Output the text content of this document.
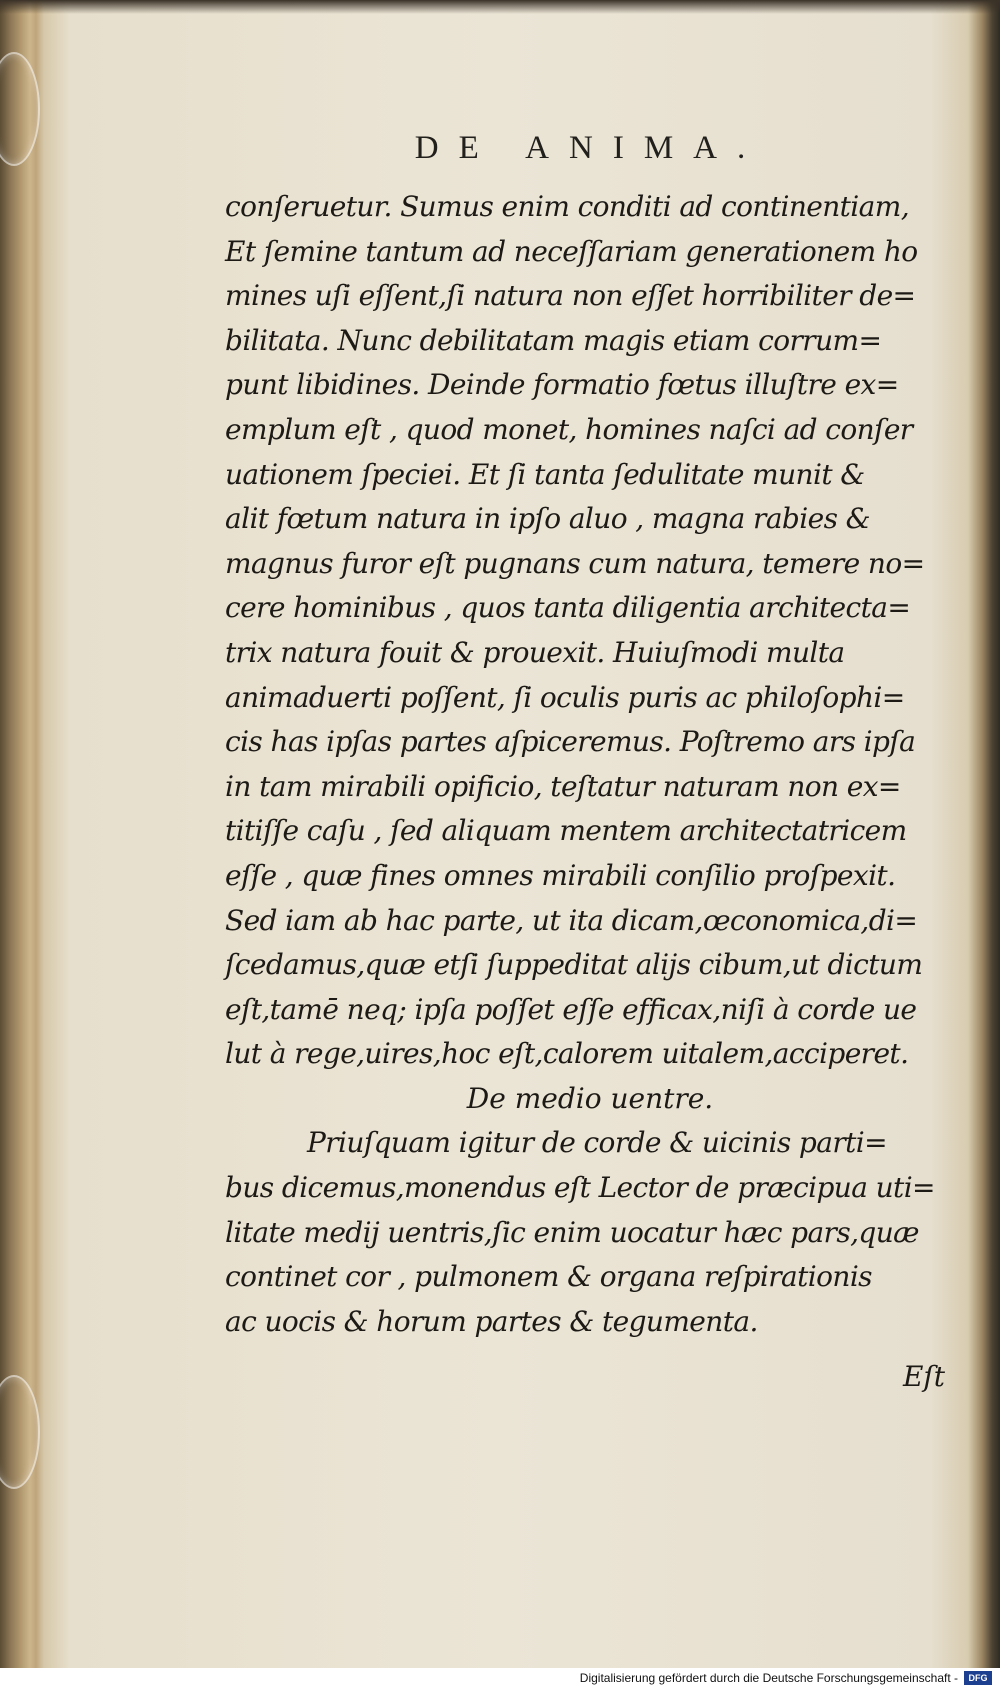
DE ANIMA.
conſeruetur. Sumus enim conditi ad continentiam,
Et ſemine tantum ad neceſſariam generationem ho
mines uſi eſſent,ſi natura non eſſet horribiliter de=
bilitata. Nunc debilitatam magis etiam corrum=
punt libidines. Deinde formatio fœtus illuſtre ex=
emplum eſt , quod monet, homines naſci ad conſer
uationem ſpeciei. Et ſi tanta ſedulitate munit &
alit fœtum natura in ipſo aluo , magna rabies &
magnus furor eſt pugnans cum natura, temere no=
cere hominibus , quos tanta diligentia architecta=
trix natura fouit & prouexit. Huiuſmodi multa
animaduerti poſſent, ſi oculis puris ac philoſophi=
cis has ipſas partes aſpiceremus. Poſtremo ars ipſa
in tam mirabili opificio, teſtatur naturam non ex=
titiſſe caſu , ſed aliquam mentem architectatricem
eſſe , quæ fines omnes mirabili conſilio proſpexit.
Sed iam ab hac parte, ut ita dicam,œconomica,di=
ſcedamus,quæ etſi ſuppeditat alijs cibum,ut dictum
eſt,tamē neq; ipſa poſſet eſſe efficax,niſi à corde ue
lut à rege,uires,hoc eſt,calorem uitalem,acciperet.
De medio uentre.
Priuſquam igitur de corde & uicinis parti=
bus dicemus,monendus eſt Lector de præcipua uti=
litate medij uentris,ſic enim uocatur hæc pars,quæ
continet cor , pulmonem & organa reſpirationis
ac uocis & horum partes & tegumenta.
Eſt
Digitalisierung gefördert durch die Deutsche Forschungsgemeinschaft -	DFG
